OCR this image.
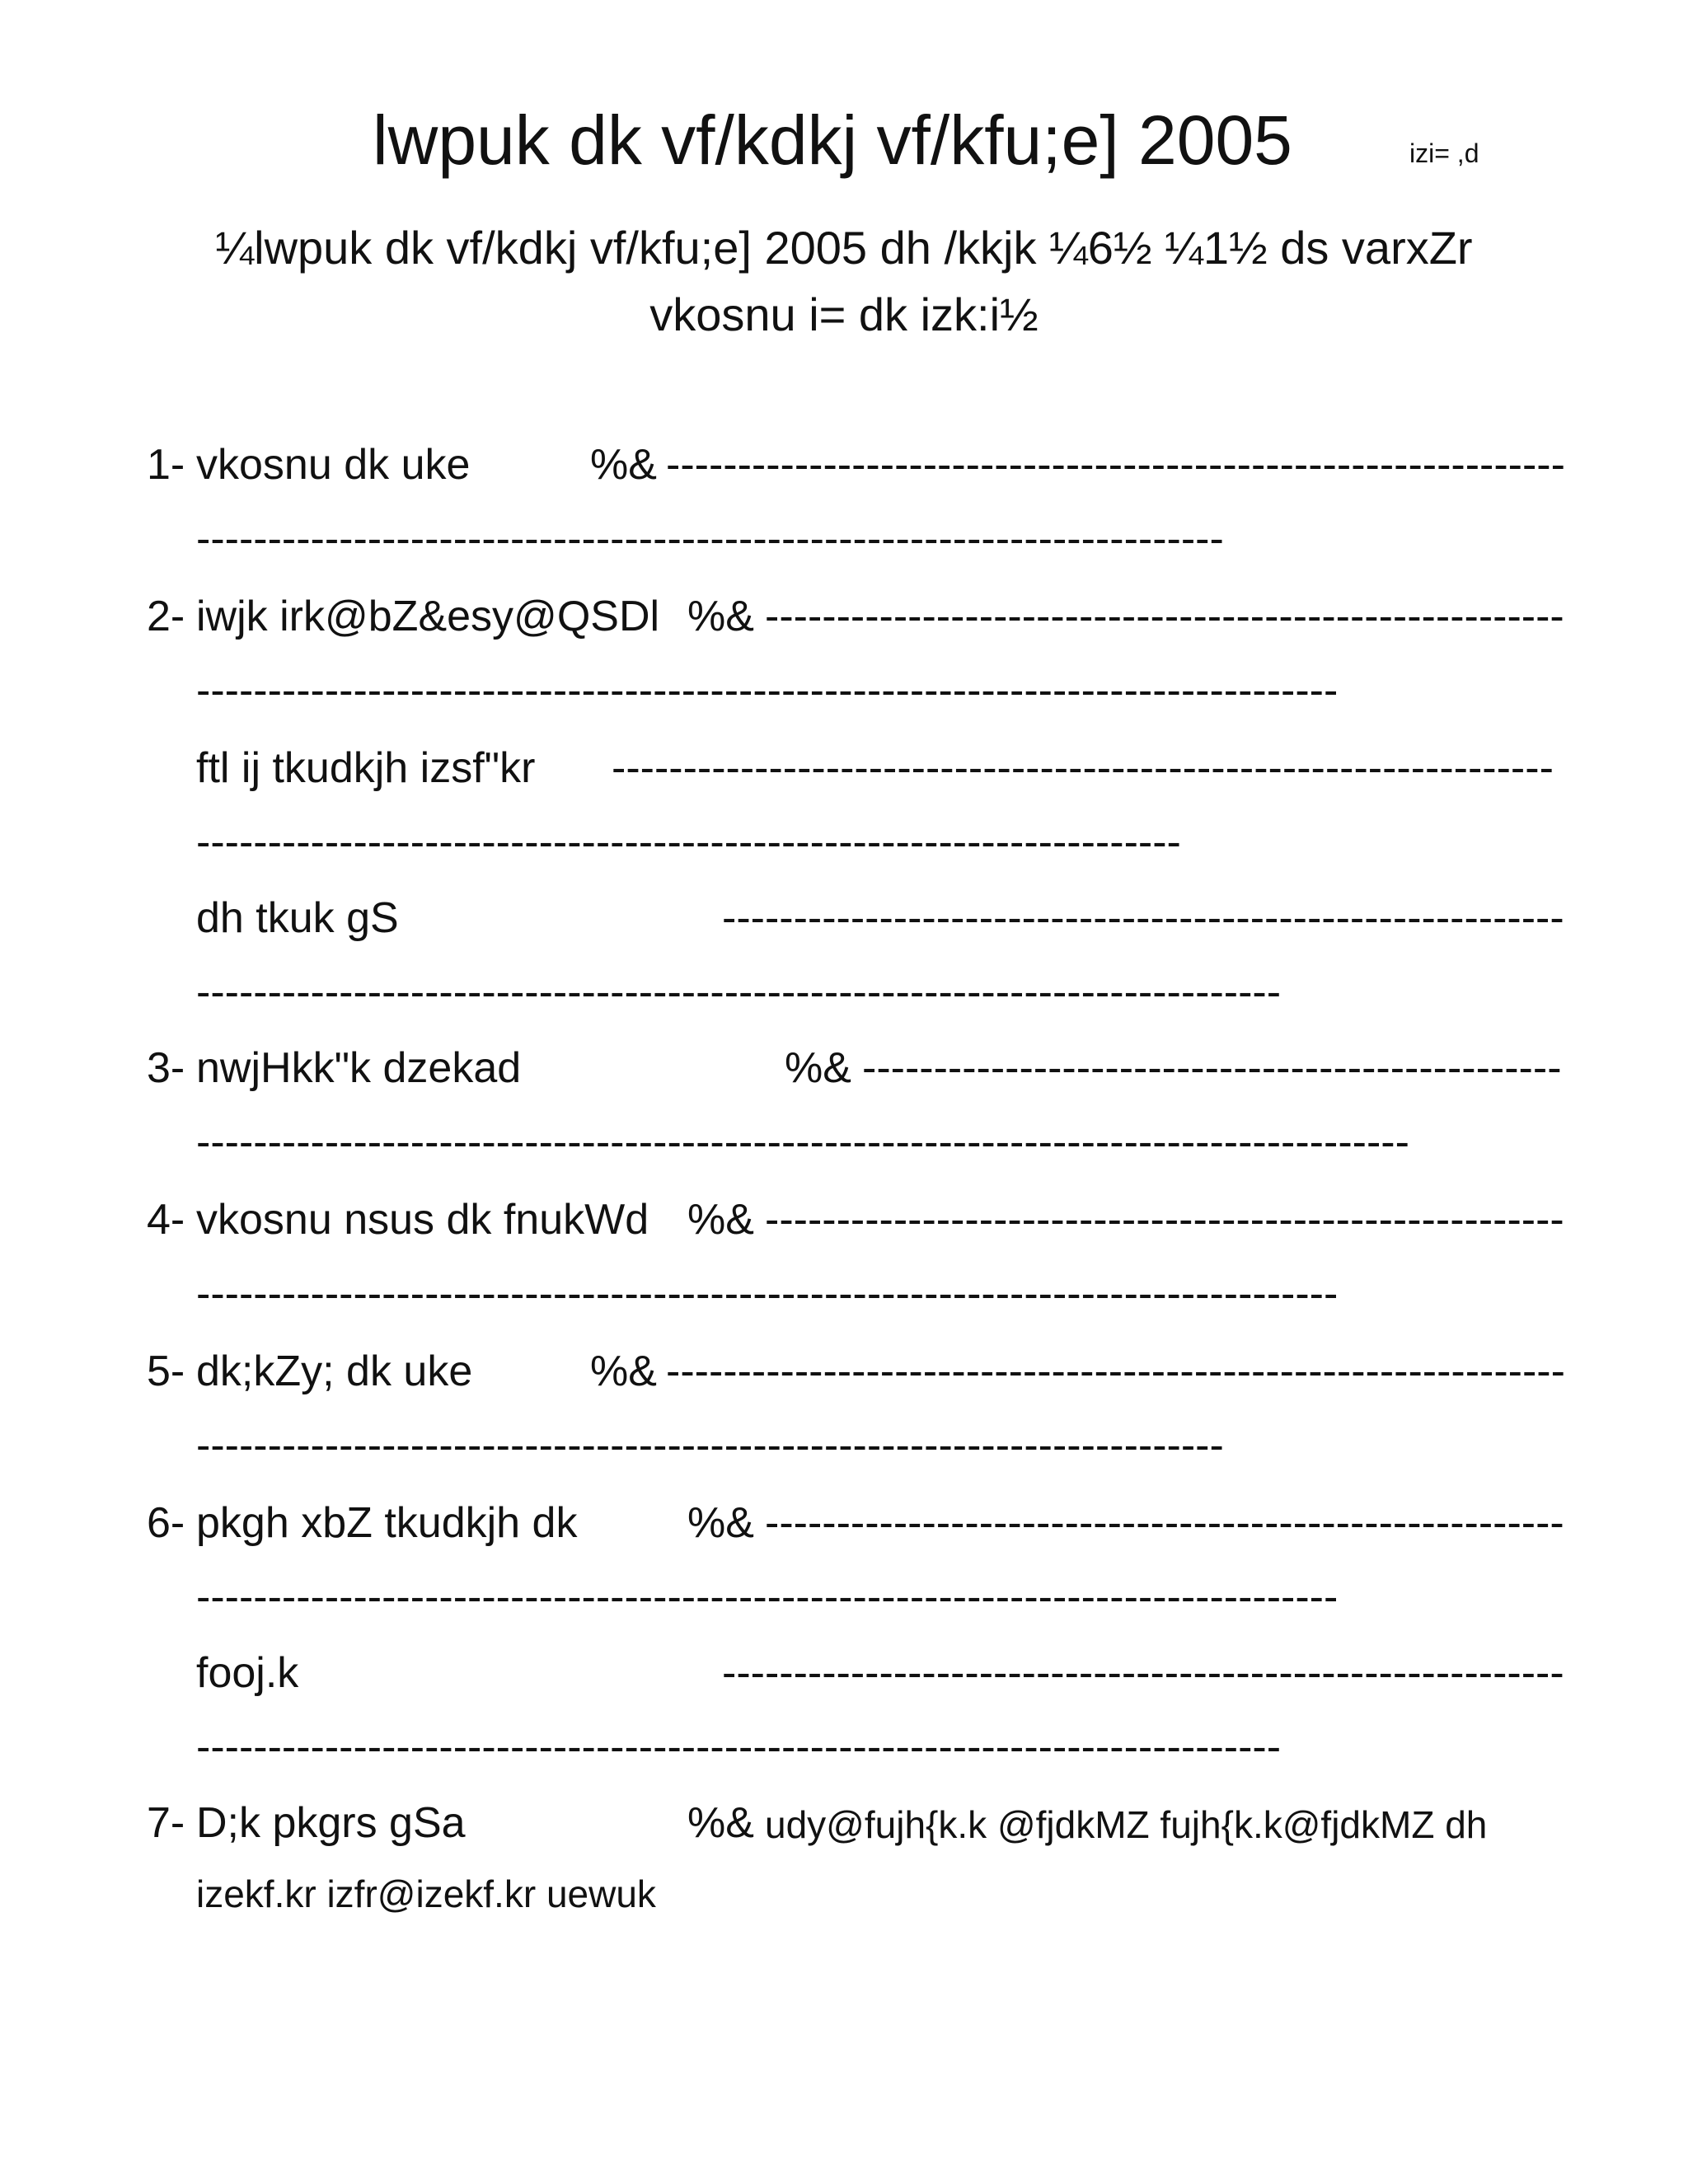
lwpuk dk vf/kdkj vf/kfu;e] 2005	izi= ,d
¼lwpuk dk vf/kdkj vf/kfu;e] 2005 dh /kkjk ¼6½ ¼1½ ds varxZr
vkosnu i= dk izk:i½
1- vkosnu dk uke	%& ---------------------------------------------------------------
------------------------------------------------------------------------
2- iwjk irk@bZ&esy@QSDl %& --------------------------------------------------------
--------------------------------------------------------------------------------
ftl ij tkudkjh izsf"kr ------------------------------------------------------------------
---------------------------------------------------------------------
dh tkuk gS	-----------------------------------------------------------
----------------------------------------------------------------------------
3- nwjHkk"k dzekad	%& -------------------------------------------------
-------------------------------------------------------------------------------------
4- vkosnu nsus dk fnukWd %& --------------------------------------------------------
--------------------------------------------------------------------------------
5- dk;kZy; dk uke	%& ---------------------------------------------------------------
------------------------------------------------------------------------
6- pkgh xbZ tkudkjh dk	%& --------------------------------------------------------
--------------------------------------------------------------------------------
fooj.k	-----------------------------------------------------------
----------------------------------------------------------------------------
7- D;k pkgrs gSa	%& udy@fujh{k.k @fjdkMZ fujh{k.k@fjdkMZ dh
izekf.kr izfr@izekf.kr uewuk
